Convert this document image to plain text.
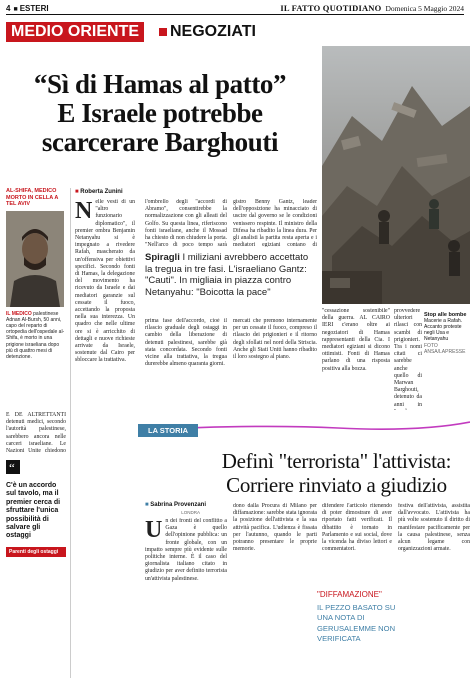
4 ■ ESTERI	IL FATTO QUOTIDIANO Domenica 5 Maggio 2024
MEDIO ORIENTE	NEGOZIATI
“Sì di Hamas al patto”
E Israele potrebbe
scarcerare Barghouti
Stop alle bombe
Macerie a Rafah. Accanto proteste negli Usa e Netanyahu
FOTO ANSA/LAPRESSE
AL-SHIFA, MEDICO MORTO IN CELLA A TEL AVIV
IL MEDICO palestinese Adnan Al-Bursh, 50 anni, capo del reparto di ortopedia dell'ospedale al-Shifa, è morto in una prigione israeliana dopo più di quattro mesi di detenzione.
■ Roberta Zunini
N elle vesti di un "altro funzionario diplomatico", il premier ombra Benjamin Netanyahu si è impegnato a rivedere Rafah, mascherato da un'offensiva per obiettivi specifici. Secondo fonti di Hamas, la delegazione del movimento ha ricevuto da Israele e dai mediatori garanzie sul cessate il fuoco, accettando la proposta nella sua interezza. Un quadro che nelle ultime ore si è arricchito di dettagli e nuove richieste arrivate da Israele, sostenute dal Cairo per sbloccare la trattativa.
l'ombrello degli "accordi di Abramo", consentirebbe la normalizzazione con gli alleati del Golfo. Su questa linea, riferiscono fonti israeliane, anche il Mossad ha chiesto di non chiudere la porta. "Nell'arco di poco tempo sarà
gistro Benny Gantz, leader dell'opposizione ha minacciato di uscire dal governo se le condizioni venissero respinte. Il ministro della Difesa ha ribadito la linea dura. Per gli analisti la partita resta aperta e i mediatori egiziani contano di
Spiragli I miliziani avrebbero accettato la tregua in tre fasi. L'israeliano Gantz: "Cauti". In migliaia in piazza contro Netanyahu: "Boicotta la pace"
prima fase dell'accordo, cioè il rilascio graduale degli ostaggi in cambio della liberazione di detenuti palestinesi, sarebbe già stata concordata. Secondo fonti vicine alla trattativa, la tregua durerebbe almeno quaranta giorni.
mercati che premono internamente per un cessate il fuoco, compreso il rilascio dei prigionieri e il ritorno degli sfollati nel nord della Striscia. Anche gli Stati Uniti hanno ribadito il loro sostegno al piano.
"cessazione sostenibile" della guerra. AL CAIRO IERI c'erano oltre ai negoziatori di Hamas rappresentanti della Cia. I mediatori egiziani si dicono ottimisti. Fonti di Hamas parlano di una risposta positiva alla bozza.
provvedere ulteriori rilasci con scambi di prigionieri. Tra i nomi citati ci sarebbe anche quello di Marwan Barghouti, detenuto da anni in
E DE ALTRETTANTI detenuti medici, secondo l'autorità palestinese, sarebbero ancora nelle carceri israeliane. Le Nazioni Unite chiedono
LA STORIA
Definì "terrorista" l'attivista:
Corriere rinviato a giudizio
■ Sabrina Provenzani
LONDRA
U n dei fronti del conflitto a Gaza è quello dell'opinione pubblica: un fronte globale, con un impatto sempre più evidente sulle politiche interne. È il caso del giornalista italiano citato in giudizio per aver definito terrorista un'attivista palestinese.
dono dalla Procura di Milano per diffamazione: sarebbe stata ignorata la posizione dell'attivista e la sua attività pacifica. L'udienza è fissata per l'autunno, quando le parti potranno presentare le proprie memorie.
difendere l'articolo ritenendo di poter dimostrare di aver riportato fatti verificati. Il dibattito è tornato in Parlamento e sui social, dove la vicenda ha diviso lettori e commentatori.
festiva dell'attivista, assistita dall'avvocato. L'attivista ha più volte sostenuto il diritto di manifestare pacificamente per la causa palestinese, senza alcun legame con organizzazioni armate.
"DIFFAMAZIONE"
IL PEZZO BASATO SU UNA NOTA DI GERUSALEMME NON VERIFICATA
“
C'è un accordo sul tavolo, ma il premier cerca di sfruttare l'unica possibilità di salvare gli ostaggi
Parenti degli ostaggi
